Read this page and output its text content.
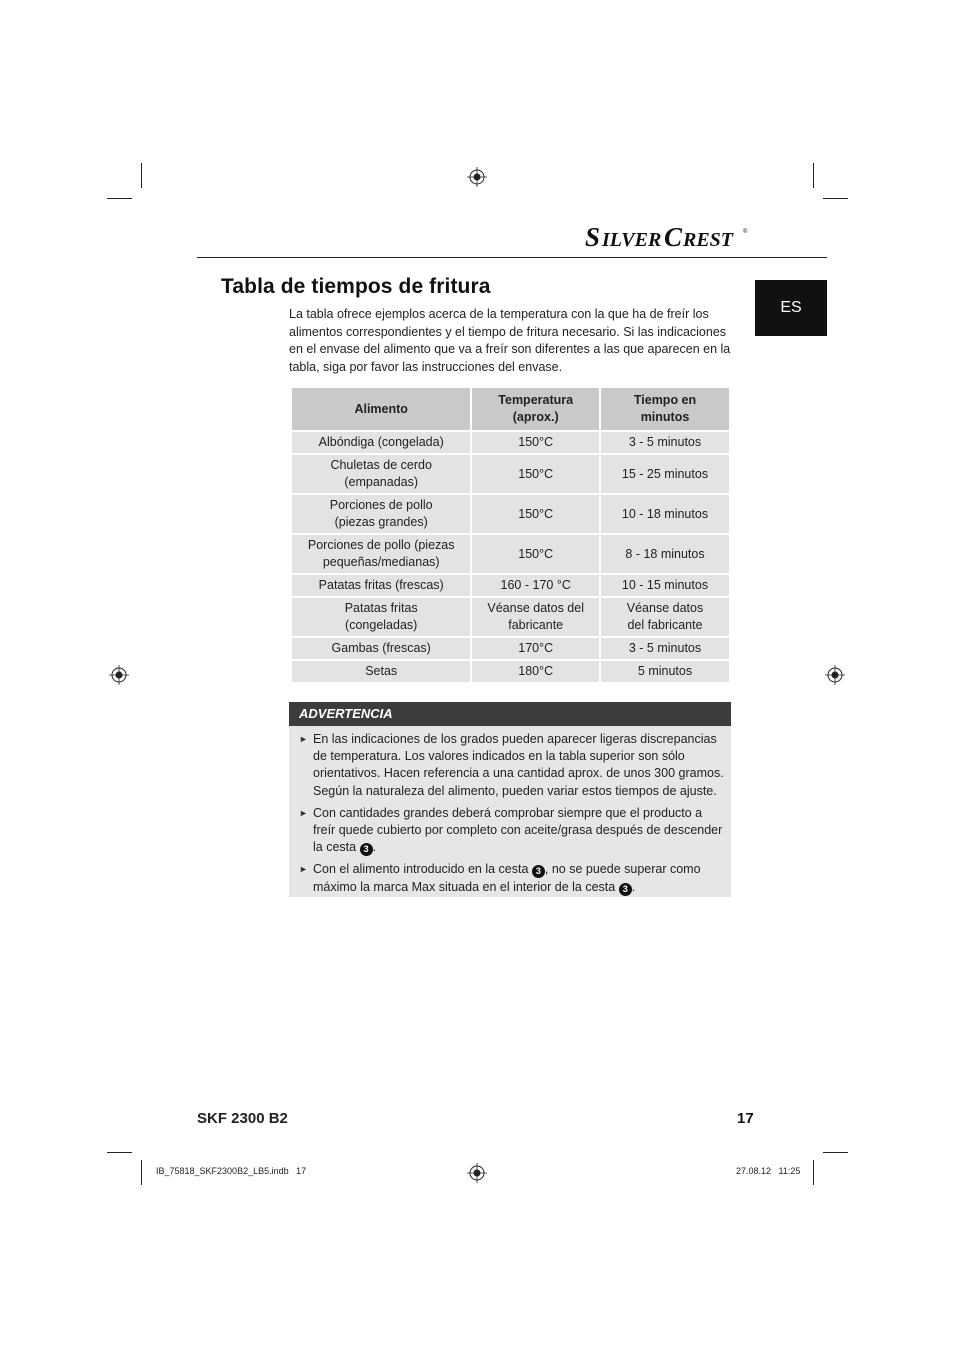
S ILVER C REST ®
ES
Tabla de tiempos de fritura
La tabla ofrece ejemplos acerca de la temperatura con la que ha de freír los alimentos correspondientes y el tiempo de fritura necesario. Si las indicaciones en el envase del alimento que va a freír son diferentes a las que aparecen en la tabla, siga por favor las instrucciones del envase.
Alimento	Temperatura (aprox.)	Tiempo en minutos
Albóndiga (congelada)	150°C	3 - 5 minutos
Chuletas de cerdo (empanadas)	150°C	15 - 25 minutos
Porciones de pollo (piezas grandes)	150°C	10 - 18 minutos
Porciones de pollo (piezas pequeñas/medianas)	150°C	8 - 18 minutos
Patatas fritas (frescas)	160 - 170 °C	10 - 15 minutos
Patatas fritas (congeladas)	Véanse datos del fabricante	Véanse datos del fabricante
Gambas (frescas)	170°C	3 - 5 minutos
Setas	180°C	5 minutos
ADVERTENCIA
► En las indicaciones de los grados pueden aparecer ligeras discrepancias de temperatura. Los valores indicados en la tabla superior son sólo orientativos. Hacen referencia a una cantidad aprox. de unos 300 gramos. Según la naturaleza del alimento, pueden variar estos tiempos de ajuste.
► Con cantidades grandes deberá comprobar siempre que el producto a freír quede cubierto por completo con aceite/grasa después de descender la cesta 3 .
► Con el alimento introducido en la cesta 3 , no se puede superar como máximo la marca Max situada en el interior de la cesta 3 .
SKF 2300 B2	17
IB_75818_SKF2300B2_LB5.indb   17	27.08.12   11:25
